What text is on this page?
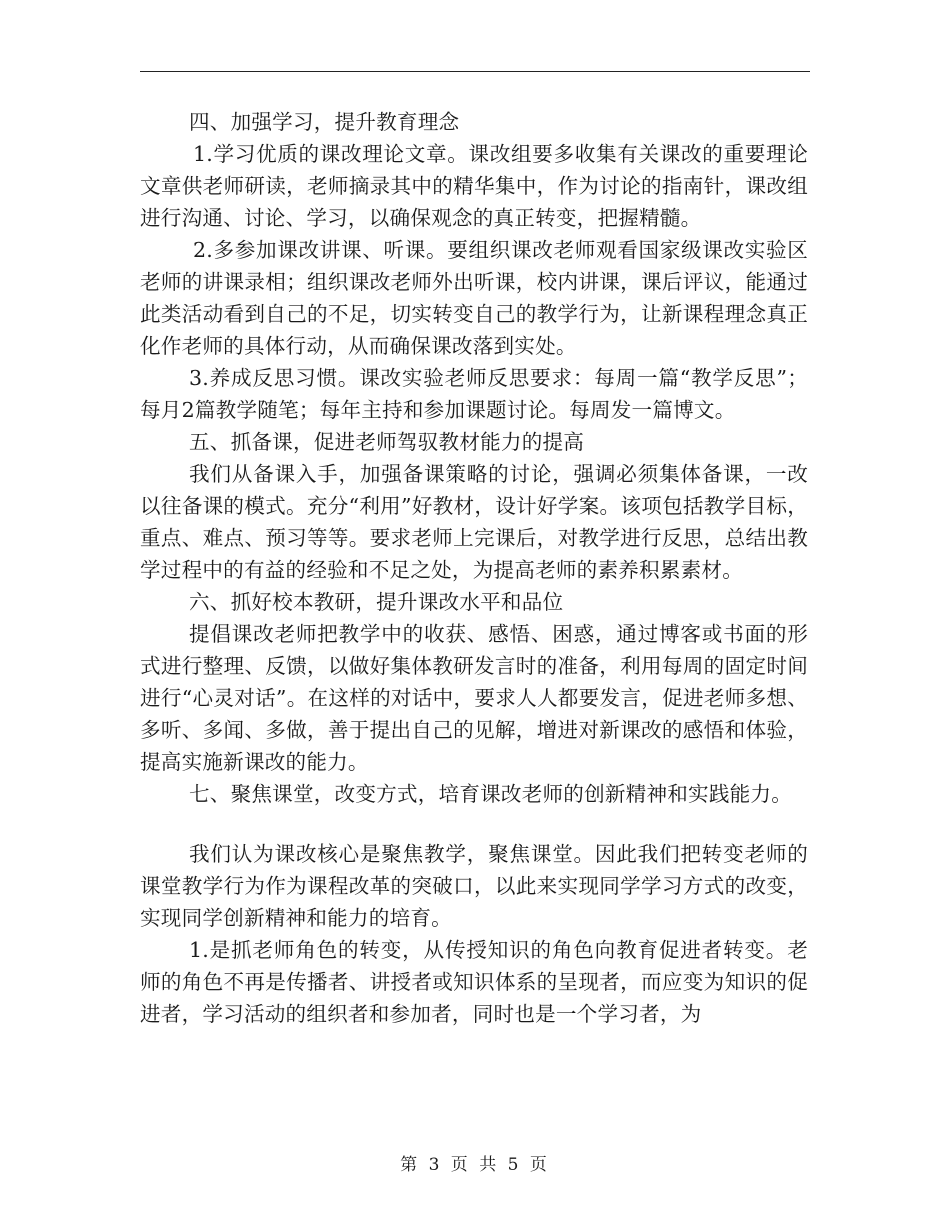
四、加强学习，提升教育理念

1.学习优质的课改理论文章。课改组要多收集有关课改的重要理论文章供老师研读，老师摘录其中的精华集中，作为讨论的指南针，课改组进行沟通、讨论、学习，以确保观念的真正转变，把握精髓。

2.多参加课改讲课、听课。要组织课改老师观看国家级课改实验区老师的讲课录相；组织课改老师外出听课，校内讲课，课后评议，能通过此类活动看到自己的不足，切实转变自己的教学行为，让新课程理念真正化作老师的具体行动，从而确保课改落到实处。

3.养成反思习惯。课改实验老师反思要求：每周一篇“教学反思”；每月2篇教学随笔；每年主持和参加课题讨论。每周发一篇博文。

五、抓备课，促进老师驾驭教材能力的提高

我们从备课入手，加强备课策略的讨论，强调必须集体备课，一改以往备课的模式。充分“利用”好教材，设计好学案。该项包括教学目标，重点、难点、预习等等。要求老师上完课后，对教学进行反思，总结出教学过程中的有益的经验和不足之处，为提高老师的素养积累素材。

六、抓好校本教研，提升课改水平和品位

提倡课改老师把教学中的收获、感悟、困惑，通过博客或书面的形式进行整理、反馈，以做好集体教研发言时的准备，利用每周的固定时间进行“心灵对话”。在这样的对话中，要求人人都要发言，促进老师多想、多听、多闻、多做，善于提出自己的见解，增进对新课改的感悟和体验，提高实施新课改的能力。

七、聚焦课堂，改变方式，培育课改老师的创新精神和实践能力。

我们认为课改核心是聚焦教学，聚焦课堂。因此我们把转变老师的课堂教学行为作为课程改革的突破口，以此来实现同学学习方式的改变，实现同学创新精神和能力的培育。

1.是抓老师角色的转变，从传授知识的角色向教育促进者转变。老师的角色不再是传播者、讲授者或知识体系的呈现者，而应变为知识的促进者，学习活动的组织者和参加者，同时也是一个学习者，为

第 3 页 共 5 页
